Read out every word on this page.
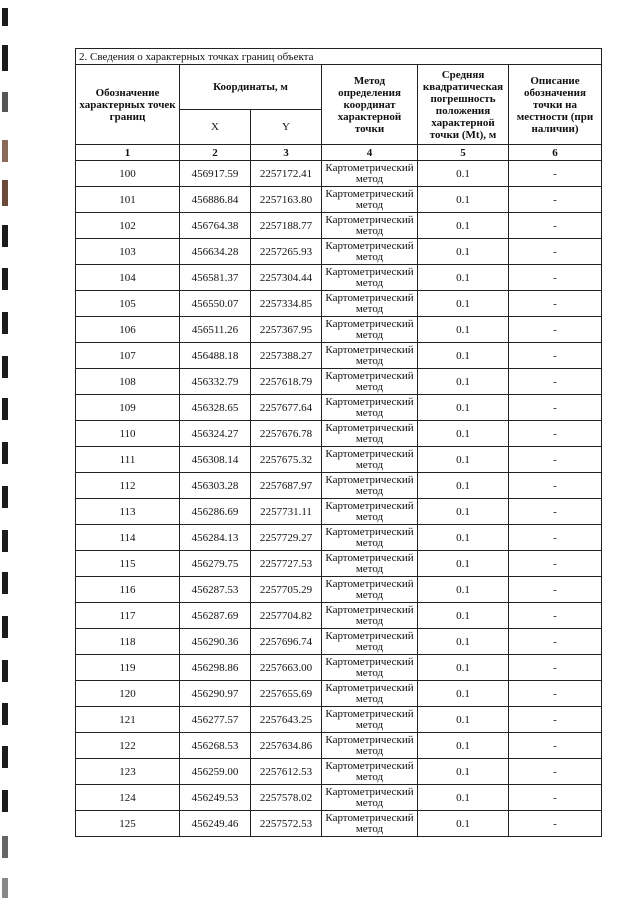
2. Сведения о характерных точках границ объекта					
Обозначение характерных точек границ	Координаты, м		Метод определения координат характерной точки	Средняя квадратическая погрешность положения характерной точки (Mt), м	Описание обозначения точки на местности (при наличии)
	X	Y			
1	2	3	4	5	6
100	456917.59	2257172.41	Картометрический метод	0.1	-
101	456886.84	2257163.80	Картометрический метод	0.1	-
102	456764.38	2257188.77	Картометрический метод	0.1	-
103	456634.28	2257265.93	Картометрический метод	0.1	-
104	456581.37	2257304.44	Картометрический метод	0.1	-
105	456550.07	2257334.85	Картометрический метод	0.1	-
106	456511.26	2257367.95	Картометрический метод	0.1	-
107	456488.18	2257388.27	Картометрический метод	0.1	-
108	456332.79	2257618.79	Картометрический метод	0.1	-
109	456328.65	2257677.64	Картометрический метод	0.1	-
110	456324.27	2257676.78	Картометрический метод	0.1	-
111	456308.14	2257675.32	Картометрический метод	0.1	-
112	456303.28	2257687.97	Картометрический метод	0.1	-
113	456286.69	2257731.11	Картометрический метод	0.1	-
114	456284.13	2257729.27	Картометрический метод	0.1	-
115	456279.75	2257727.53	Картометрический метод	0.1	-
116	456287.53	2257705.29	Картометрический метод	0.1	-
117	456287.69	2257704.82	Картометрический метод	0.1	-
118	456290.36	2257696.74	Картометрический метод	0.1	-
119	456298.86	2257663.00	Картометрический метод	0.1	-
120	456290.97	2257655.69	Картометрический метод	0.1	-
121	456277.57	2257643.25	Картометрический метод	0.1	-
122	456268.53	2257634.86	Картометрический метод	0.1	-
123	456259.00	2257612.53	Картометрический метод	0.1	-
124	456249.53	2257578.02	Картометрический метод	0.1	-
125	456249.46	2257572.53	Картометрический метод	0.1	-
